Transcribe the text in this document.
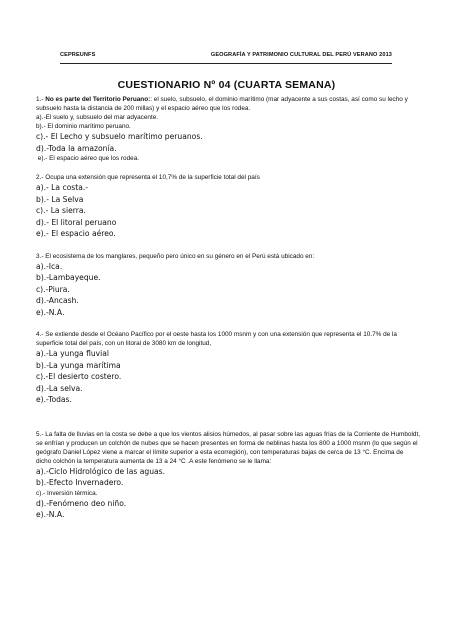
CEPREUNFS	GEOGRAFÍA Y PATRIMONIO CULTURAL DEL PERÚ VERANO 2013
CUESTIONARIO Nº 04 (CUARTA SEMANA)
1.- No es parte del Territorio Peruano:: el suelo, subsuelo, el dominio marítimo (mar adyacente a sus costas, así como su lecho y subsuelo hasta la distancia de 200 millas) y el espacio aéreo que los rodea.
a).-El suelo y, subsuelo del mar adyacente.
b).- El dominio marítimo peruano.
c).- El Lecho y subsuelo marítimo peruanos.
d).-Toda la amazonía.
e).- El espacio aéreo que los rodea.
2.- Ocupa una extensión que representa el 10,7% de la superficie total del país
a).- La costa.-
b).- La Selva
c).- La sierra.
d).- El litoral peruano
e).- El espacio aéreo.
3.- El ecosistema de los manglares, pequeño pero único en su género en el Perú está ubicado en:
a).-Ica.
b).-Lambayeque.
c).-Piura.
d).-Ancash.
e).-N.A.
4.- Se extiende desde el Océano Pacífico por el oeste hasta los 1000 msnm y con una extensión que representa el 10.7% de la superficie total del país, con un litoral de 3080 km de longitud,
a).-La yunga fluvial
b).-La yunga marítima
c).-El desierto costero.
d).-La selva.
e).-Todas.
5.- La falta de lluvias en la costa se debe a que los vientos alisios húmedos, al pasar sobre las aguas frías de la Corriente de Humboldt, se enfrían y producen un colchón de nubes que se hacen presentes en forma de neblinas hasta los 800 a 1000 msnm (lo que según el geógrafo Daniel López viene a marcar el límite superior a esta ecorregión), con temperaturas bajas de cerca de 13 °C. Encima de dicho colchón la temperatura aumenta de 13 a 24 °C .A este fenómeno se le llama:
a).-Ciclo Hidrológico de las aguas.
b).-Efecto Invernadero.
c).- Inversión térmica.
d).-Fenómeno deo niño.
e).-N.A.
